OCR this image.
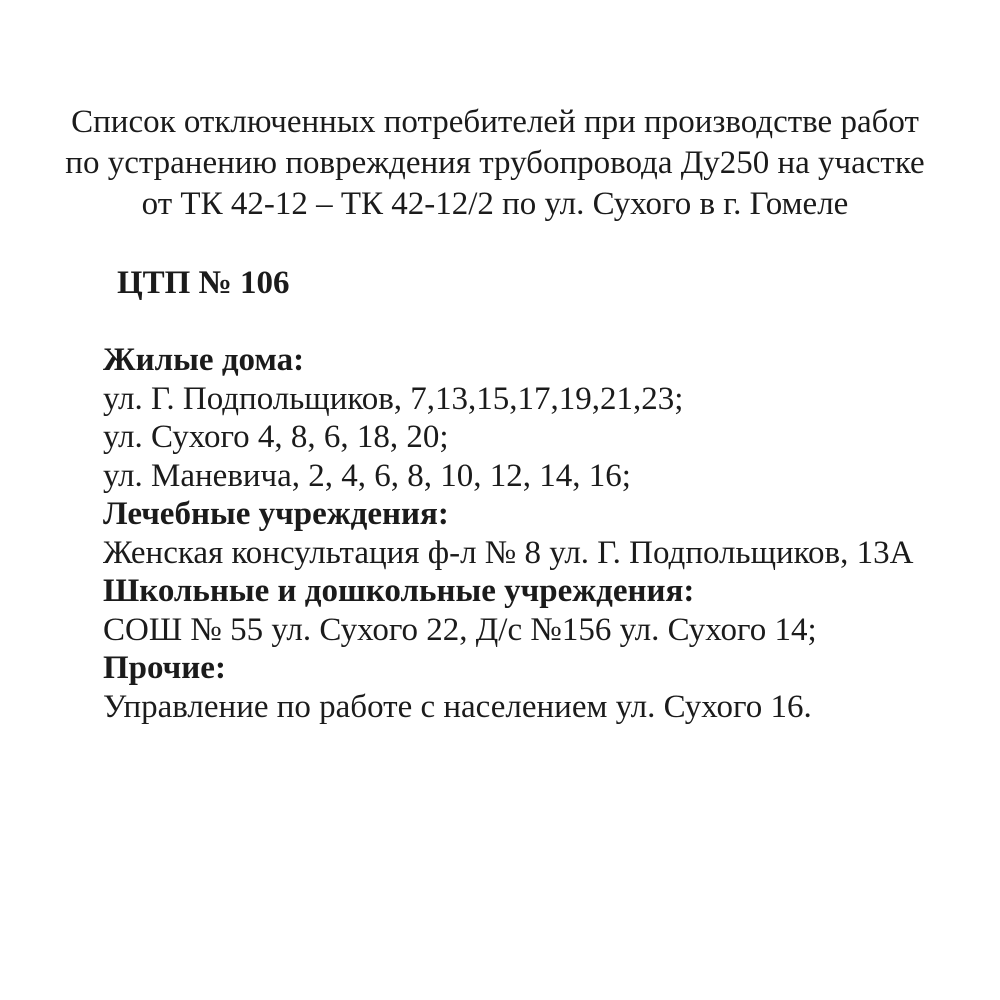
Список отключенных потребителей при производстве работ
по устранению повреждения трубопровода Ду250 на участке
от ТК 42-12 – ТК 42-12/2 по ул. Сухого в г. Гомеле
ЦТП № 106
Жилые дома:
ул. Г. Подпольщиков, 7,13,15,17,19,21,23;
ул. Сухого 4, 8, 6, 18, 20;
ул. Маневича, 2, 4, 6, 8, 10, 12, 14, 16;
Лечебные учреждения:
Женская консультация ф-л № 8 ул. Г. Подпольщиков, 13А
Школьные и дошкольные учреждения:
СОШ № 55 ул. Сухого 22, Д/с №156 ул. Сухого 14;
Прочие:
Управление по работе с населением ул. Сухого 16.
